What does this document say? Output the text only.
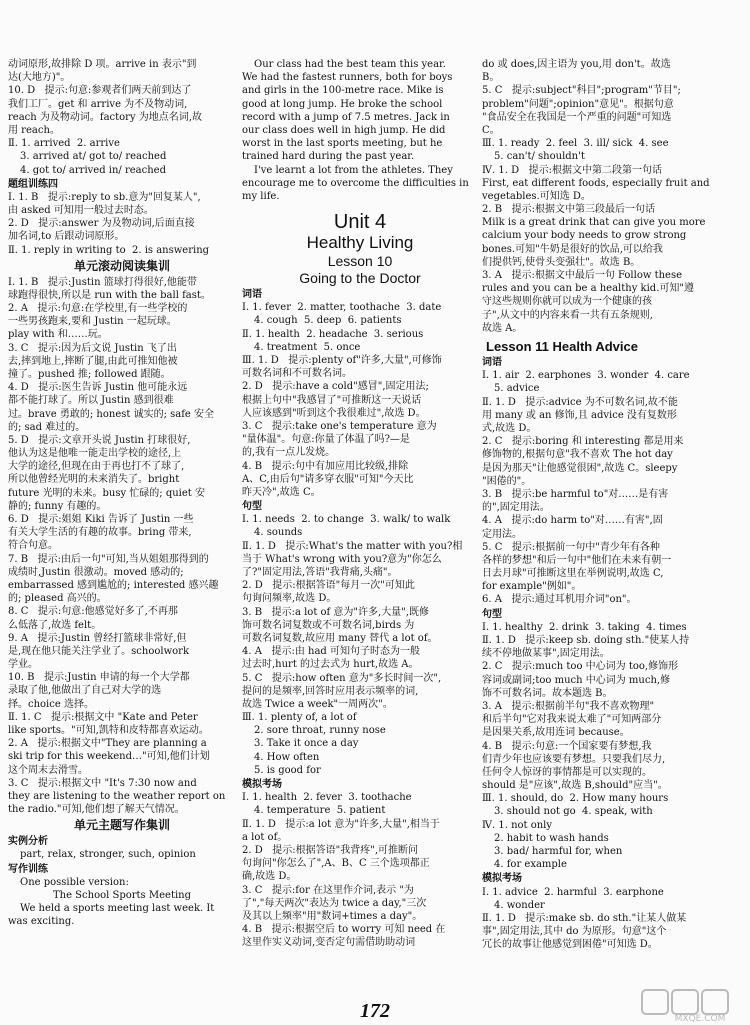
动词原形,故排除 D 项。arrive in 表示"到
达(大地方)"。
10. D   提示:句意:参观者们两天前到达了
我们工厂。get 和 arrive 为不及物动词,
reach 为及物动词。factory 为地点名词,故
用 reach。
Ⅱ. 1. arrived  2. arrive
3. arrived at/ got to/ reached
4. got to/ arrived in/ reached
题组训练四
Ⅰ. 1. B   提示:reply to sb.意为"回复某人",
由 asked 可知用一般过去时态。
2. D   提示:answer 为及物动词,后面直接
加名词,to 后跟动词原形。
Ⅱ. 1. reply in writing to  2. is answering
单元滚动阅读集训
Ⅰ. 1. B   提示:Justin 篮球打得很好,他能带
球跑得很快,所以是 run with the ball fast。
2. A   提示:句意:在学校里,有一些学校的
一些男孩跑来,要和 Justin 一起玩球。
play with 和……玩。
3. C   提示:因为后文说 Justin 飞了出
去,摔到地上,摔断了腿,由此可推知他被
撞了。pushed 推; followed 跟随。
4. D   提示:医生告诉 Justin 他可能永远
都不能打球了。所以 Justin 感到很难
过。brave 勇敢的; honest 诚实的; safe 安全
的; sad 难过的。
5. D   提示:文章开头说 Justin 打球很好,
他认为这是他唯一能走出学校的途径,上
大学的途径,但现在由于再也打不了球了,
所以他曾经光明的未来消失了。bright
future 光明的未来。busy 忙碌的; quiet 安
静的; funny 有趣的。
6. D   提示:姐姐 Kiki 告诉了 Justin 一些
有关大学生活的有趣的故事。bring 带来,
符合句意。
7. B   提示:由后一句"可知,当从姐姐那得到的
成绩时,Justin 很激动。moved 感动的;
embarrassed 感到尴尬的; interested 感兴趣
的; pleased 高兴的。
8. C   提示:句意:他感觉好多了,不再那
么低落了,故选 felt。
9. A   提示:Justin 曾经打篮球非常好,但
是,现在他只能关注学业了。schoolwork
学业。
10. B   提示:Justin 申请的每一个大学都
录取了他,他做出了自己对大学的选
择。choice 选择。
Ⅱ. 1. C   提示:根据文中 "Kate and Peter
like sports。"可知,凯特和皮特都喜欢运动。
2. A   提示:根据文中"They are planning a
ski trip for this weekend…"可知,他们计划
这个周末去滑雪。
3. C   提示:根据文中 "It's 7:30 now and
they are listening to the weather report on
the radio."可知,他们想了解天气情况。
单元主题写作集训
实例分析
part, relax, stronger, such, opinion
写作训练
One possible version:
The School Sports Meeting
We held a sports meeting last week. It
was exciting.
Our class had the best team this year.
We had the fastest runners, both for boys
and girls in the 100-metre race. Mike is
good at long jump. He broke the school
record with a jump of 7.5 metres. Jack in
our class does well in high jump. He did
worst in the last sports meeting, but he
trained hard during the past year.
I've learnt a lot from the athletes. They
encourage me to overcome the difficulties in
my life.
Unit 4
Healthy Living
Lesson 10
Going to the Doctor
词语
Ⅰ. 1. fever  2. matter, toothache  3. date
4. cough  5. deep  6. patients
Ⅱ. 1. health  2. headache  3. serious
4. treatment  5. once
Ⅲ. 1. D   提示:plenty of"许多,大量",可修饰
可数名词和不可数名词。
2. D   提示:have a cold"感冒",固定用法;
根据上句中"我感冒了"可推断这一天说话
人应该感到"听到这个我很难过",故选 D。
3. C   提示:take one's temperature 意为
"量体温"。句意:你量了体温了吗?—是
的,我有一点儿发烧。
4. B   提示:句中有加应用比较级,排除
A、C,由后句"请多穿衣服"可知"今天比
昨天冷",故选 C。
句型
Ⅰ. 1. needs  2. to change  3. walk/ to walk
4. sounds
Ⅱ. 1. D   提示:What's the matter with you?相
当于 What's wrong with you?意为"你怎么
了?"固定用法,答语"我背痛,头痛"。
2. D   提示:根据答语"每月一次"可知此
句询问频率,故选 D。
3. B   提示:a lot of 意为"许多,大量",既修
饰可数名词复数或不可数名词,birds 为
可数名词复数,故应用 many 替代 a lot of。
4. A   提示:由 had 可知句子时态为一般
过去时,hurt 的过去式为 hurt,故选 A。
5. C   提示:how often 意为"多长时间一次",
提问的是频率,回答时应用表示频率的词,
故选 Twice a week"一周两次"。
Ⅲ. 1. plenty of, a lot of
2. sore throat, runny nose
3. Take it once a day
4. How often
5. is good for
模拟考场
Ⅰ. 1. health  2. fever  3. toothache
4. temperature  5. patient
Ⅱ. 1. D   提示:a lot 意为"许多,大量",相当于
a lot of。
2. D   提示:根据答语"我背疼",可推断问
句询问"你怎么了",A、B、C 三个选项都正
确,故选 D。
3. C   提示:for 在这里作介词,表示 "为
了","每天两次"表达为 twice a day,"三次
及其以上频率"用"数词+times a day"。
4. B   提示:根据空后 to worry 可知 need 在
这里作实义动词,变否定句需借助助动词
do 或 does,因主语为 you,用 don't。故选
B。
5. C   提示:subject"科目";program"节目";
problem"问题";opinion"意见"。根据句意
"食品安全在我国是一个严重的问题"可知选
C。
Ⅲ. 1. ready  2. feel  3. ill/ sick  4. see
5. can't/ shouldn't
Ⅳ. 1. D   提示:根据文中第二段第一句话
First, eat different foods, especially fruit and
vegetables.可知选 D。
2. B   提示:根据文中第三段最后一句话
Milk is a great drink that can give you more
calcium your body needs to grow strong
bones.可知"牛奶是很好的饮品,可以给我
们提供钙,使骨头变强壮"。故选 B。
3. A   提示:根据文中最后一句 Follow these
rules and you can be a healthy kid.可知"遵
守这些规则你就可以成为一个健康的孩
子",从文中的内容来看一共有五条规则,
故选 A。
Lesson 11 Health Advice
词语
Ⅰ. 1. air  2. earphones  3. wonder  4. care
5. advice
Ⅱ. 1. D   提示:advice 为不可数名词,故不能
用 many 或 an 修饰,且 advice 没有复数形
式,故选 D。
2. C   提示:boring 和 interesting 都是用来
修饰物的,根据句意"我不喜欢 The hot day
是因为那天"让他感觉很困",故选 C。sleepy
"困倦的"。
3. B   提示:be harmful to"对……是有害
的",固定用法。
4. A   提示:do harm to"对……有害",固
定用法。
5. C   提示:根据前一句中"青少年有各种
各样的梦想"和后一句中"他们在未来有朝一
日去月球"可推断这里在举例说明,故选 C,
for example"例如"。
6. A   提示:通过耳机用介词"on"。
句型
Ⅰ. 1. healthy  2. drink  3. taking  4. times
Ⅱ. 1. D   提示:keep sb. doing sth."使某人持
续不停地做某事",固定用法。
2. C   提示:much too 中心词为 too,修饰形
容词或副词;too much 中心词为 much,修
饰不可数名词。故本题选 B。
3. A   提示:根据前半句"我不喜欢物理"
和后半句"它对我来说太难了"可知两部分
是因果关系,故用连词 because。
4. B   提示:句意:一个国家要有梦想,我
们青少年也应该要有梦想。只要我们尽力,
任何令人惊讶的事情都是可以实现的。
should 是"应该",故选 B,should"应当"。
Ⅲ. 1. should, do  2. How many hours
3. should not go  4. speak, with
Ⅳ. 1. not only
2. habit to wash hands
3. bad/ harmful for, when
4. for example
模拟考场
Ⅰ. 1. advice  2. harmful  3. earphone
4. wonder
Ⅱ. 1. D   提示:make sb. do sth."让某人做某
事",固定用法,其中 do 为原形。句意"这个
冗长的故事让他感觉到困倦"可知选 D。
172	MXQE.COM
